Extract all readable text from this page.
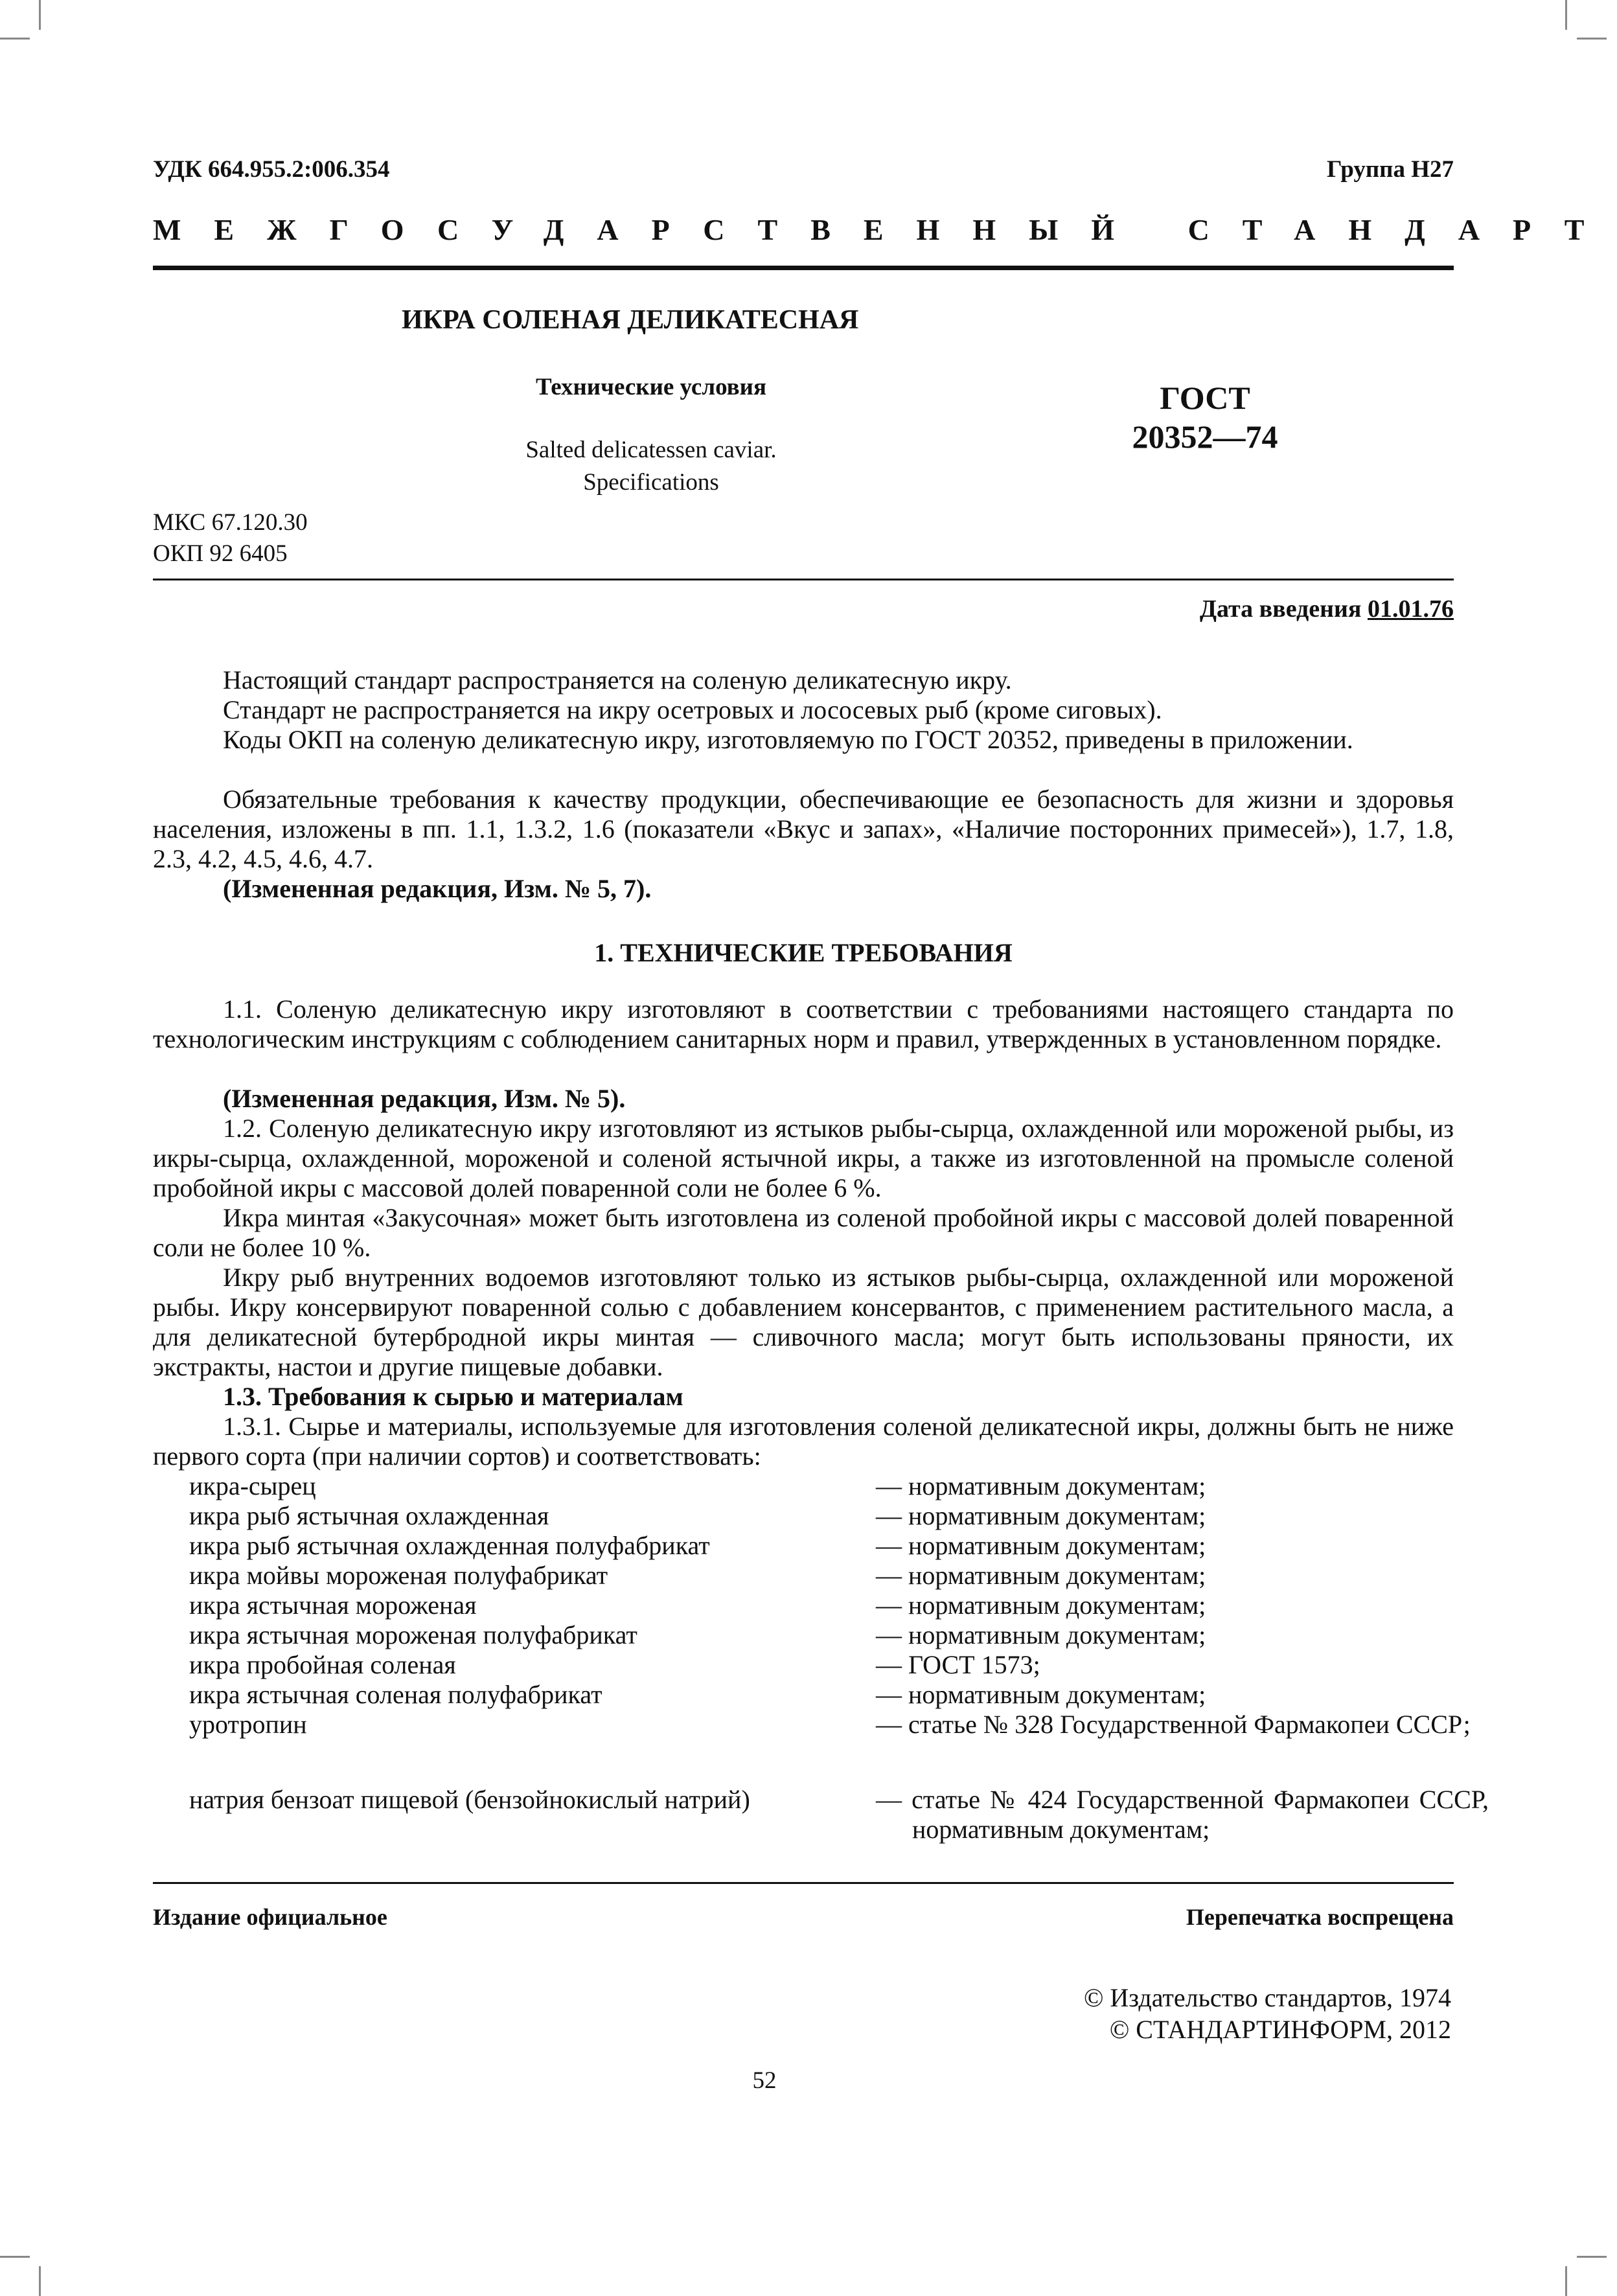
УДК 664.955.2:006.354	Группа Н27
МЕЖГОСУДАРСТВЕННЫЙ СТАНДАРТ
ИКРА СОЛЕНАЯ ДЕЛИКАТЕСНАЯ
Технические условия
Salted delicatessen caviar.
Specifications
ГОСТ
20352—74
МКС 67.120.30
ОКП 92 6405
Дата введения 01.01.76
Настоящий стандарт распространяется на соленую деликатесную икру.
Стандарт не распространяется на икру осетровых и лососевых рыб (кроме сиговых).
Коды ОКП на соленую деликатесную икру, изготовляемую по ГОСТ 20352, приведены в приложении.
Обязательные требования к качеству продукции, обеспечивающие ее безопасность для жизни и здоровья населения, изложены в пп. 1.1, 1.3.2, 1.6 (показатели «Вкус и запах», «Наличие посторонних примесей»), 1.7, 1.8, 2.3, 4.2, 4.5, 4.6, 4.7.
(Измененная редакция, Изм. № 5, 7).
1. ТЕХНИЧЕСКИЕ ТРЕБОВАНИЯ
1.1. Соленую деликатесную икру изготовляют в соответствии с требованиями настоящего стандарта по технологическим инструкциям с соблюдением санитарных норм и правил, утвержденных в установленном порядке.
(Измененная редакция, Изм. № 5).
1.2. Соленую деликатесную икру изготовляют из ястыков рыбы-сырца, охлажденной или мороженой рыбы, из икры-сырца, охлажденной, мороженой и соленой ястычной икры, а также из изготовленной на промысле соленой пробойной икры с массовой долей поваренной соли не более 6 %.
Икра минтая «Закусочная» может быть изготовлена из соленой пробойной икры с массовой долей поваренной соли не более 10 %.
Икру рыб внутренних водоемов изготовляют только из ястыков рыбы-сырца, охлажденной или мороженой рыбы. Икру консервируют поваренной солью с добавлением консервантов, с применением растительного масла, а для деликатесной бутербродной икры минтая — сливочного масла; могут быть использованы пряности, их экстракты, настои и другие пищевые добавки.
1.3. Требования к сырью и материалам
1.3.1. Сырье и материалы, используемые для изготовления соленой деликатесной икры, должны быть не ниже первого сорта (при наличии сортов) и соответствовать:
икра-сырец	— нормативным документам;
икра рыб ястычная охлажденная	— нормативным документам;
икра рыб ястычная охлажденная полуфабрикат	— нормативным документам;
икра мойвы мороженая полуфабрикат	— нормативным документам;
икра ястычная мороженая	— нормативным документам;
икра ястычная мороженая полуфабрикат	— нормативным документам;
икра пробойная соленая	— ГОСТ 1573;
икра ястычная соленая полуфабрикат	— нормативным документам;
уротропин	— статье № 328 Государственной Фармакопеи СССР;
натрия бензоат пищевой (бензойнокислый натрий)	— статье № 424 Государственной Фармакопеи СССР, нормативным документам;
Издание официальное	Перепечатка воспрещена
© Издательство стандартов, 1974
© СТАНДАРТИНФОРМ, 2012
52
